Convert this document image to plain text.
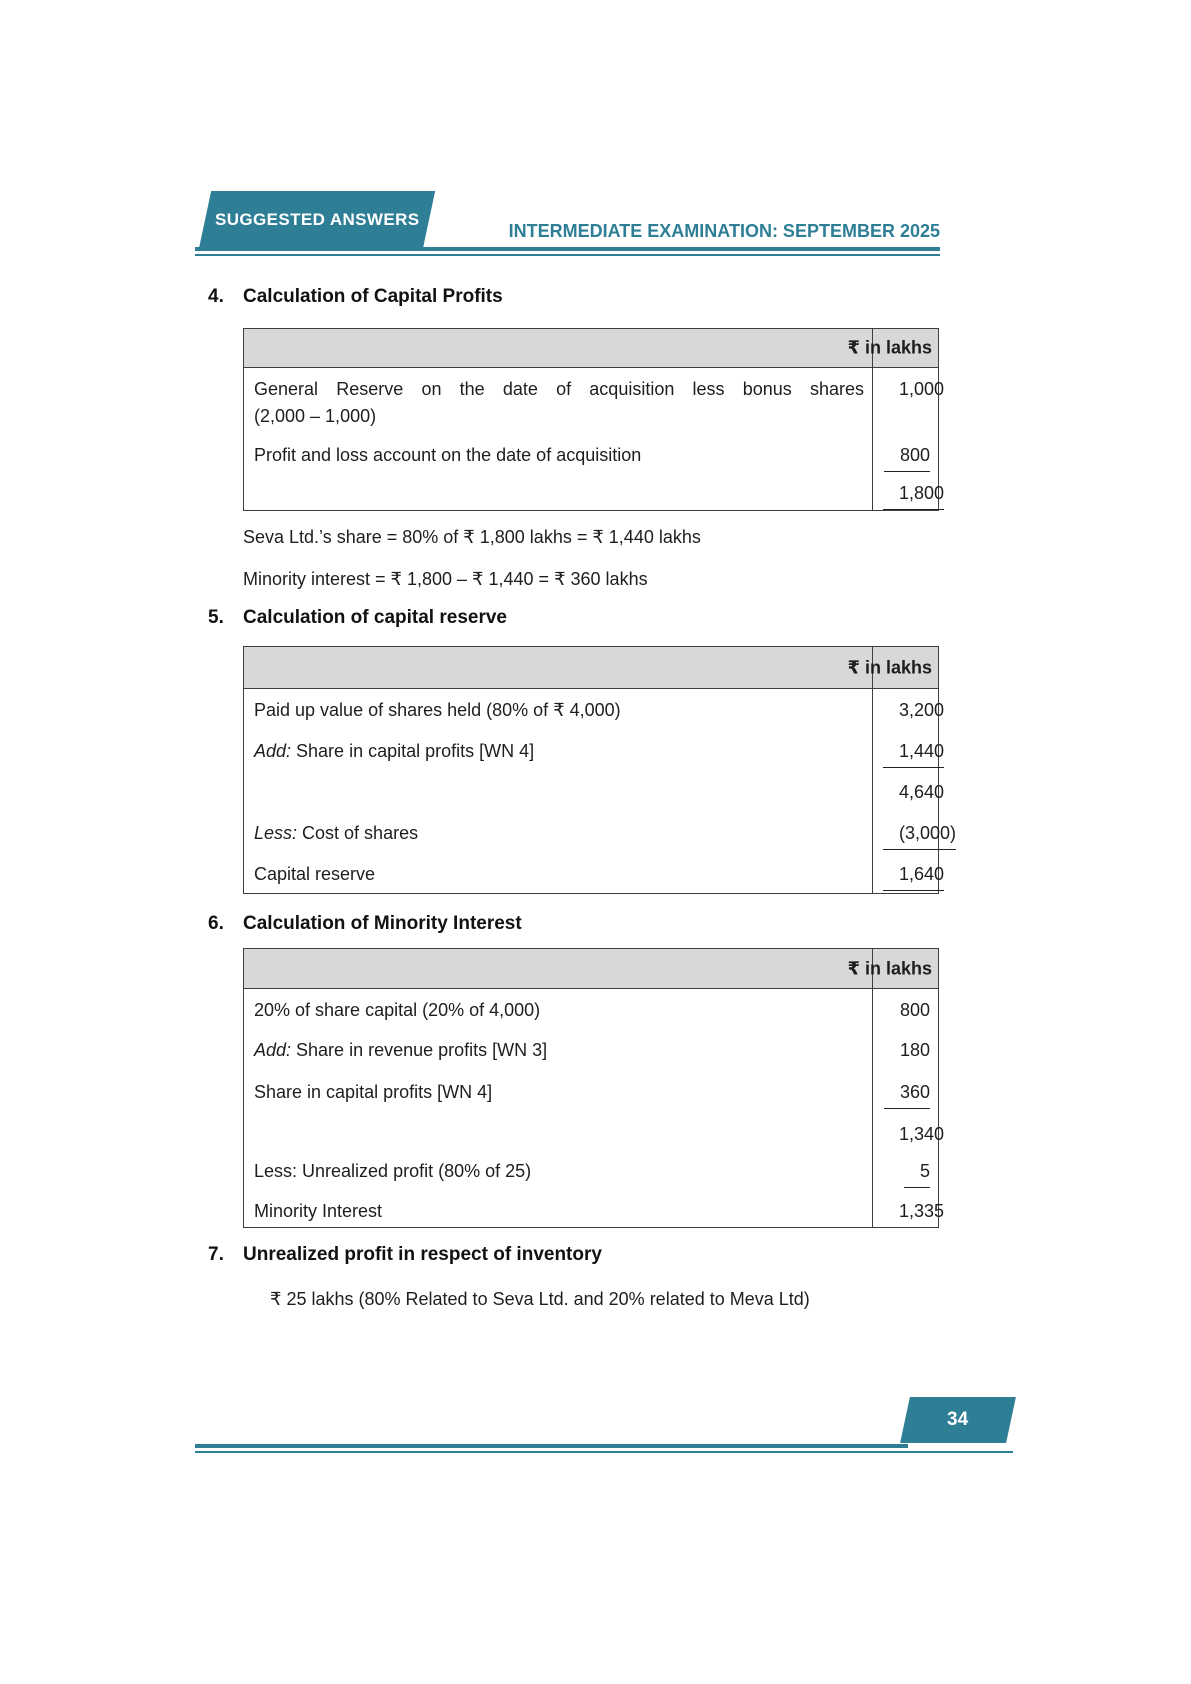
SUGGESTED ANSWERS
INTERMEDIATE EXAMINATION: SEPTEMBER 2025
4. Calculation of Capital Profits

	₹ in lakhs

General Reserve on the date of acquisition less bonus shares
(2,000 – 1,000)	1,000
Profit and loss account on the date of acquisition	800
	1,800
Seva Ltd.’s share = 80% of ₹ 1,800 lakhs = ₹ 1,440 lakhs
Minority interest = ₹ 1,800 – ₹ 1,440 = ₹ 360 lakhs
5. Calculation of capital reserve

	₹ in lakhs

Paid up value of shares held (80% of ₹ 4,000)	3,200
Add: Share in capital profits [WN 4]	1,440
	4,640
Less: Cost of shares	(3,000)
Capital reserve	1,640
6. Calculation of Minority Interest

	₹ in lakhs

20% of share capital (20% of 4,000)	800
Add: Share in revenue profits [WN 3]	180
Share in capital profits [WN 4]	360
	1,340
Less: Unrealized profit (80% of 25)	5
Minority Interest	1,335
7. Unrealized profit in respect of inventory
₹ 25 lakhs (80% Related to Seva Ltd. and 20% related to Meva Ltd)
34
